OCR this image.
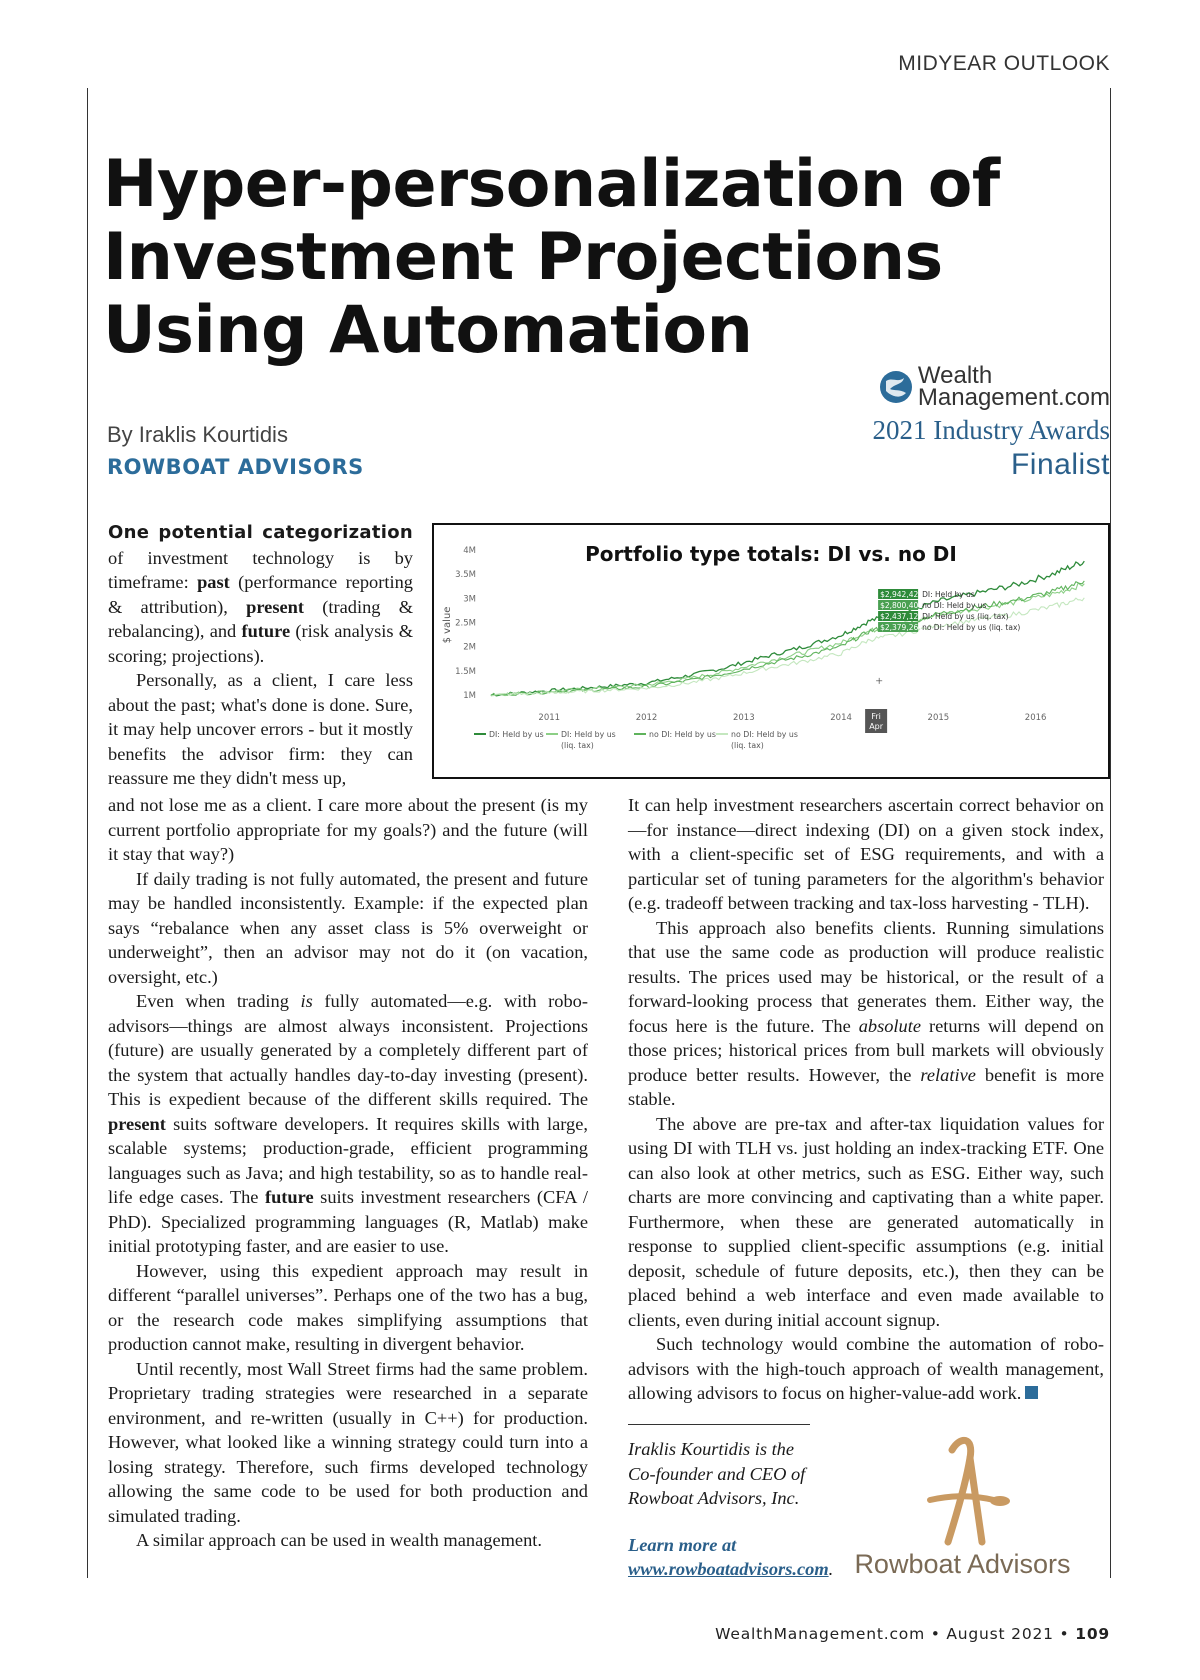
MIDYEAR OUTLOOK
Hyper-personalization of Investment Projections Using Automation
By Iraklis Kourtidis
ROWBOAT ADVISORS
Wealth
Management.com
2021 Industry Awards
Finalist

One potential categorization of investment technology is by timeframe: past (performance reporting & attribution), present (trading & rebalancing), and future (risk analysis & scoring; projections).

Personally, as a client, I care less about the past; what's done is done. Sure, it may help uncover errors - but it mostly benefits the advisor firm: they can reassure me they didn't mess up,

Portfolio type totals: DI vs. no DI
1M
1.5M
2M
2.5M
3M
3.5M
4M
2011	2012	2013	2014	2015	2016
Fri
Apr
4
+
$2,942,424 DI: Held by us
$2,800,401 no DI: Held by us
$2,437,125 DI: Held by us (liq. tax)
$2,379,267 no DI: Held by us (liq. tax)
DI: Held by us DI: Held by us
(liq. tax)
no DI: Held by us no DI: Held by us
(liq. tax)
$ value

and not lose me as a client. I care more about the present (is my current portfolio appropriate for my goals?) and the future (will it stay that way?)

If daily trading is not fully automated, the present and future may be handled inconsistently. Example: if the expected plan says “rebalance when any asset class is 5% overweight or underweight”, then an advisor may not do it (on vacation, oversight, etc.)

Even when trading is fully automated—e.g. with robo-advisors—things are almost always inconsistent. Projections (future) are usually generated by a completely different part of the system that actually handles day-to-day investing (present). This is expedient because of the different skills required. The present suits software developers. It requires skills with large, scalable systems; production-grade, efficient programming languages such as Java; and high testability, so as to handle real-life edge cases. The future suits investment researchers (CFA / PhD). Specialized programming languages (R, Matlab) make initial prototyping faster, and are easier to use.

However, using this expedient approach may result in different “parallel universes”. Perhaps one of the two has a bug, or the research code makes simplifying assumptions that production cannot make, resulting in divergent behavior.

Until recently, most Wall Street firms had the same problem. Proprietary trading strategies were researched in a separate environment, and re-written (usually in C++) for production. However, what looked like a winning strategy could turn into a losing strategy. Therefore, such firms developed technology allowing the same code to be used for both production and simulated trading.

A similar approach can be used in wealth management.

It can help investment researchers ascertain correct behavior on—for instance—direct indexing (DI) on a given stock index, with a client-specific set of ESG requirements, and with a particular set of tuning parameters for the algorithm's behavior (e.g. tradeoff between tracking and tax-loss harvesting - TLH).

This approach also benefits clients. Running simulations that use the same code as production will produce realistic results. The prices used may be historical, or the result of a forward-looking process that generates them. Either way, the focus here is the future. The absolute returns will depend on those prices; historical prices from bull markets will obviously produce better results. However, the relative benefit is more stable.

The above are pre-tax and after-tax liquidation values for using DI with TLH vs. just holding an index-tracking ETF. One can also look at other metrics, such as ESG. Either way, such charts are more convincing and captivating than a white paper. Furthermore, when these are generated automatically in response to supplied client-specific assumptions (e.g. initial deposit, schedule of future deposits, etc.), then they can be placed behind a web interface and even made available to clients, even during initial account signup.

Such technology would combine the automation of robo-advisors with the high-touch approach of wealth management, allowing advisors to focus on higher-value-add work.

Iraklis Kourtidis is the Co-founder and CEO of Rowboat Advisors, Inc.
Learn more at www.rowboatadvisors.com. Rowboat Advisors
WealthManagement.com • August 2021 • 109
